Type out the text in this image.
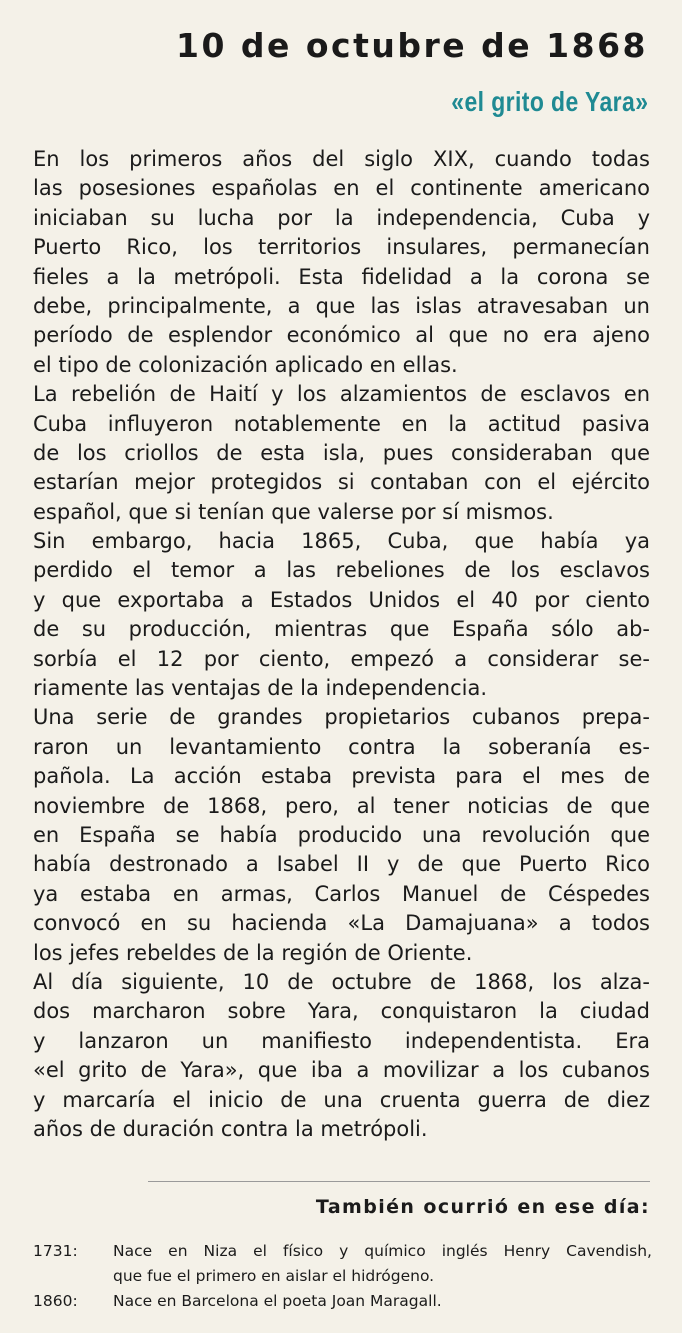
10 de octubre de 1868
«el grito de Yara»
En los primeros años del siglo XIX, cuando todas
las posesiones españolas en el continente americano
iniciaban su lucha por la independencia, Cuba y
Puerto Rico, los territorios insulares, permanecían
fieles a la metrópoli. Esta fidelidad a la corona se
debe, principalmente, a que las islas atravesaban un
período de esplendor económico al que no era ajeno
el tipo de colonización aplicado en ellas.
La rebelión de Haití y los alzamientos de esclavos en
Cuba influyeron notablemente en la actitud pasiva
de los criollos de esta isla, pues consideraban que
estarían mejor protegidos si contaban con el ejército
español, que si tenían que valerse por sí mismos.
Sin embargo, hacia 1865, Cuba, que había ya
perdido el temor a las rebeliones de los esclavos
y que exportaba a Estados Unidos el 40 por ciento
de su producción, mientras que España sólo ab-
sorbía el 12 por ciento, empezó a considerar se-
riamente las ventajas de la independencia.
Una serie de grandes propietarios cubanos prepa-
raron un levantamiento contra la soberanía es-
pañola. La acción estaba prevista para el mes de
noviembre de 1868, pero, al tener noticias de que
en España se había producido una revolución que
había destronado a Isabel II y de que Puerto Rico
ya estaba en armas, Carlos Manuel de Céspedes
convocó en su hacienda «La Damajuana» a todos
los jefes rebeldes de la región de Oriente.
Al día siguiente, 10 de octubre de 1868, los alza-
dos marcharon sobre Yara, conquistaron la ciudad
y lanzaron un manifiesto independentista. Era
«el grito de Yara», que iba a movilizar a los cubanos
y marcaría el inicio de una cruenta guerra de diez
años de duración contra la metrópoli.
También ocurrió en ese día:
1731:	Nace en Niza el físico y químico inglés Henry Cavendish,
que fue el primero en aislar el hidrógeno.
1860:	Nace en Barcelona el poeta Joan Maragall.
